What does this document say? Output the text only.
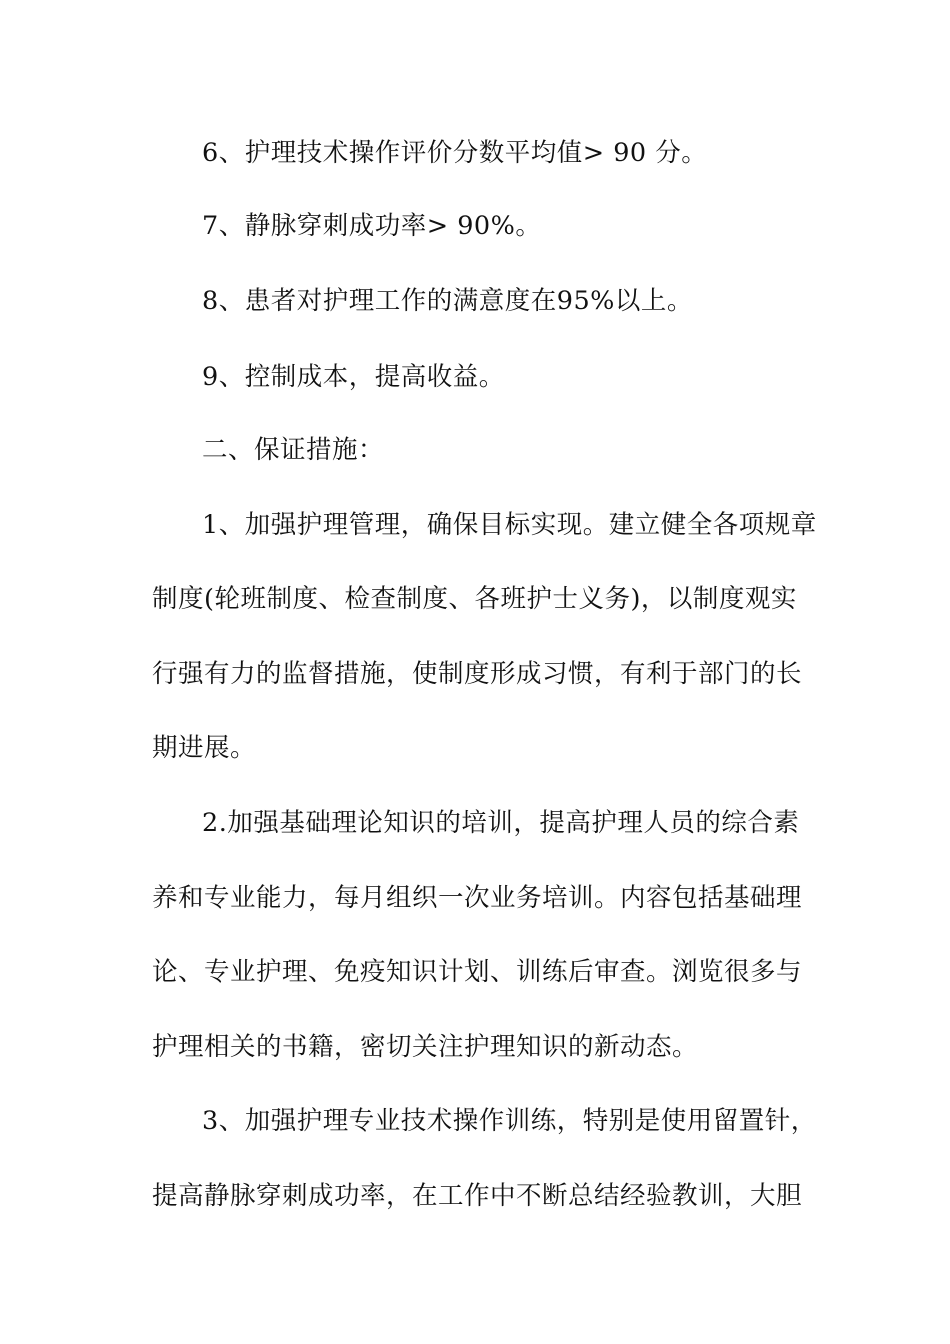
6、护理技术操作评价分数平均值> 90 分。
7、静脉穿刺成功率> 90%。
8、患者对护理工作的满意度在95%以上。
9、控制成本，提高收益。
二、保证措施：
1、加强护理管理，确保目标实现。建立健全各项规章
制度(轮班制度、检查制度、各班护士义务)，以制度观实
行强有力的监督措施，使制度形成习惯，有利于部门的长
期进展。
2.加强基础理论知识的培训，提高护理人员的综合素
养和专业能力，每月组织一次业务培训。内容包括基础理
论、专业护理、免疫知识计划、训练后审查。浏览很多与
护理相关的书籍，密切关注护理知识的新动态。
3、加强护理专业技术操作训练，特别是使用留置针，
提高静脉穿刺成功率，在工作中不断总结经验教训，大胆
